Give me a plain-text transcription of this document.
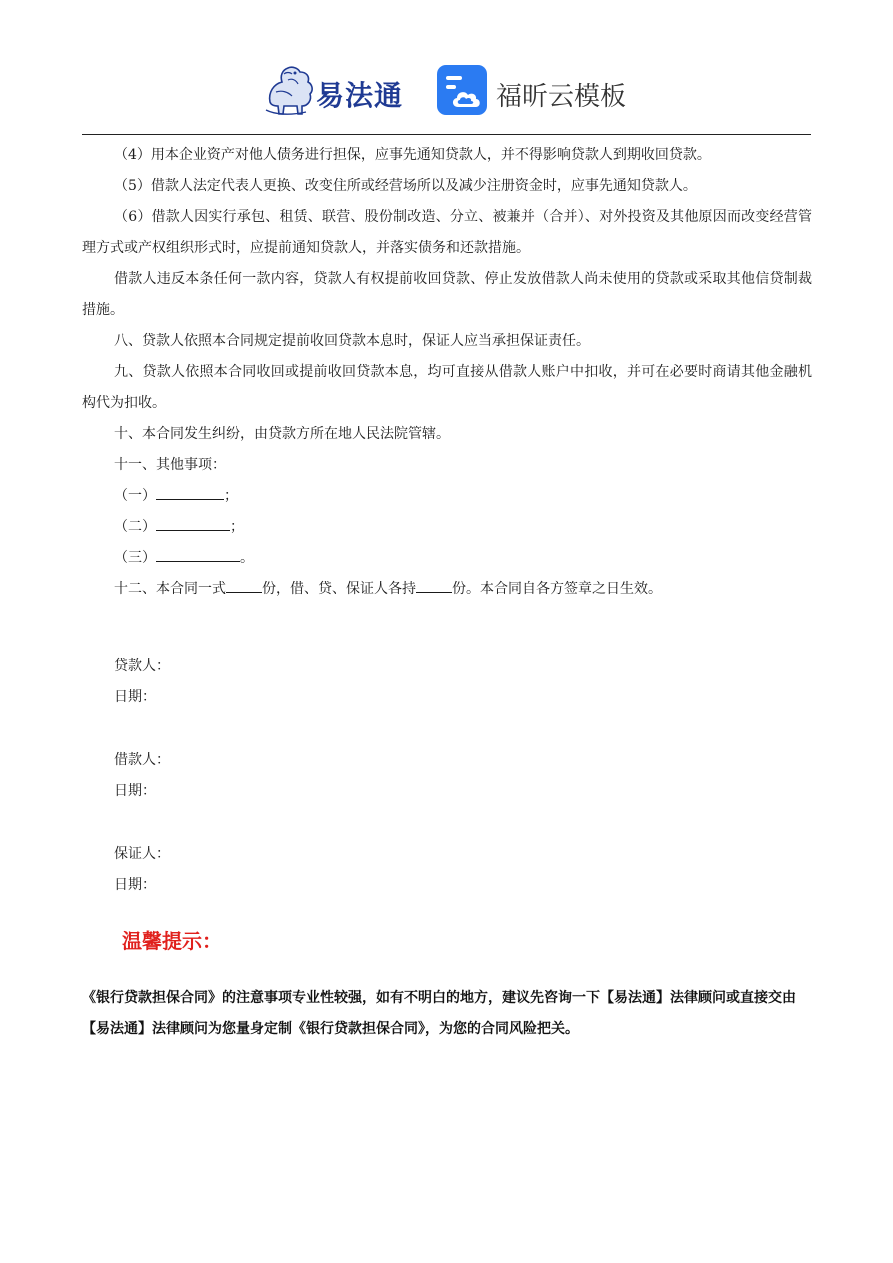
易法通	福昕云模板

（4）用本企业资产对他人债务进行担保，应事先通知贷款人，并不得影响贷款人到期收回贷款。

（5）借款人法定代表人更换、改变住所或经营场所以及减少注册资金时，应事先通知贷款人。

（6）借款人因实行承包、租赁、联营、股份制改造、分立、被兼并（合并）、对外投资及其他原因而改变经营管理方式或产权组织形式时，应提前通知贷款人，并落实债务和还款措施。

借款人违反本条任何一款内容，贷款人有权提前收回贷款、停止发放借款人尚未使用的贷款或采取其他信贷制裁措施。

八、贷款人依照本合同规定提前收回贷款本息时，保证人应当承担保证责任。

九、贷款人依照本合同收回或提前收回贷款本息，均可直接从借款人账户中扣收，并可在必要时商请其他金融机构代为扣收。

十、本合同发生纠纷，由贷款方所在地人民法院管辖。

十一、其他事项：

（一）	；
（二）	；
（三）	。
十二、本合同一式	份，借、贷、保证人各持	份。本合同自各方签章之日生效。
贷款人：
日期：
借款人：
日期：
保证人：
日期：
温馨提示：
《银行贷款担保合同》的注意事项专业性较强，如有不明白的地方，建议先咨询一下【易法通】法律顾问或直接交由【易法通】法律顾问为您量身定制《银行贷款担保合同》，为您的合同风险把关。
